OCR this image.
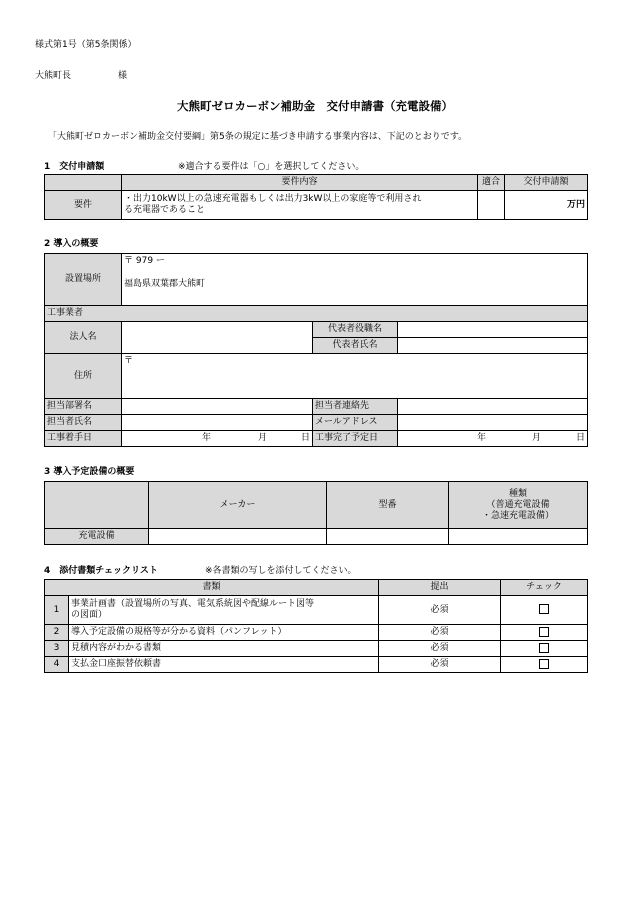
様式第1号（第5条関係）
大熊町長	様
大熊町ゼロカーボン補助金　交付申請書（充電設備）
「大熊町ゼロカーボン補助金交付要綱」第5条の規定に基づき申請する事業内容は、下記のとおりです。
1　交付申請額	※適合する要件は「○」を選択してください。
	要件内容	適合	交付申請額
要件	・出力10kW以上の急速充電器もしくは出力3kW以上の家庭等で利用され
る充電器であること		万円
2 導入の概要
設置場所	〒 979 ー
福島県双葉郡大熊町		

工事業者			
法人名		代表者役職名	
		代表者氏名	
住所	〒		
担当部署名		担当者連絡先	
担当者氏名		メールアドレス	
工事着手日	年 月 日	工事完了予定日	年 月 日
3 導入予定設備の概要
	メーカー	型番	種類
（普通充電設備
・急速充電設備）

充電設備			
4　添付書類チェックリスト	※各書類の写しを添付してください。
書類		提出	チェック
1	事業計画書（設置場所の写真、電気系統図や配線ルート図等
の図面）	必須	
2	導入予定設備の規格等が分かる資料（パンフレット）	必須	
3	見積内容がわかる書類	必須	
4	支払金口座振替依頼書	必須	
